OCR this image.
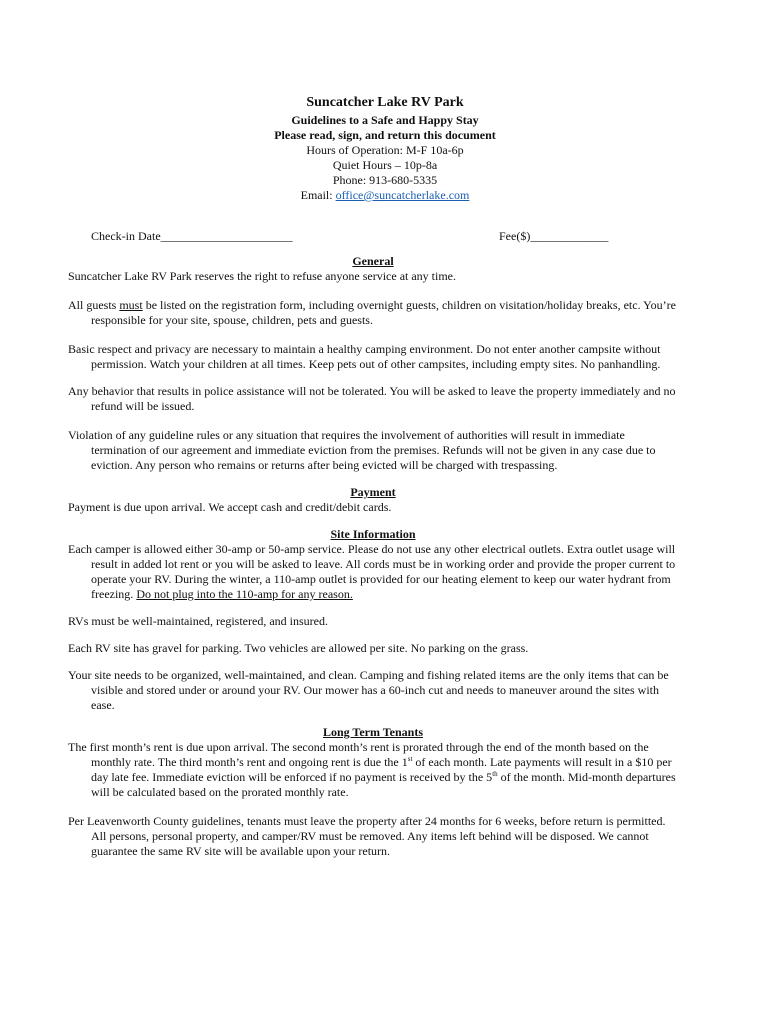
Suncatcher Lake RV Park
Guidelines to a Safe and Happy Stay
Please read, sign, and return this document
Hours of Operation: M-F 10a-6p
Quiet Hours – 10p-8a
Phone: 913-680-5335
Email: office@suncatcherlake.com
Check-in Date______________________	Fee($)_____________

General

Suncatcher Lake RV Park reserves the right to refuse anyone service at any time.

All guests must be listed on the registration form, including overnight guests, children on visitation/holiday breaks, etc. You’re responsible for your site, spouse, children, pets and guests.

Basic respect and privacy are necessary to maintain a healthy camping environment. Do not enter another campsite without permission. Watch your children at all times. Keep pets out of other campsites, including empty sites. No panhandling.

Any behavior that results in police assistance will not be tolerated. You will be asked to leave the property immediately and no refund will be issued.

Violation of any guideline rules or any situation that requires the involvement of authorities will result in immediate termination of our agreement and immediate eviction from the premises. Refunds will not be given in any case due to eviction. Any person who remains or returns after being evicted will be charged with trespassing.

Payment

Payment is due upon arrival. We accept cash and credit/debit cards.

Site Information

Each camper is allowed either 30-amp or 50-amp service. Please do not use any other electrical outlets. Extra outlet usage will result in added lot rent or you will be asked to leave. All cords must be in working order and provide the proper current to operate your RV. During the winter, a 110-amp outlet is provided for our heating element to keep our water hydrant from freezing. Do not plug into the 110-amp for any reason.

RVs must be well-maintained, registered, and insured.

Each RV site has gravel for parking. Two vehicles are allowed per site. No parking on the grass.

Your site needs to be organized, well-maintained, and clean. Camping and fishing related items are the only items that can be visible and stored under or around your RV. Our mower has a 60-inch cut and needs to maneuver around the sites with ease.

Long Term Tenants

The first month’s rent is due upon arrival. The second month’s rent is prorated through the end of the month based on the monthly rate. The third month’s rent and ongoing rent is due the 1st of each month. Late payments will result in a $10 per day late fee. Immediate eviction will be enforced if no payment is received by the 5th of the month. Mid-month departures will be calculated based on the prorated monthly rate.

Per Leavenworth County guidelines, tenants must leave the property after 24 months for 6 weeks, before return is permitted. All persons, personal property, and camper/RV must be removed. Any items left behind will be disposed. We cannot guarantee the same RV site will be available upon your return.
